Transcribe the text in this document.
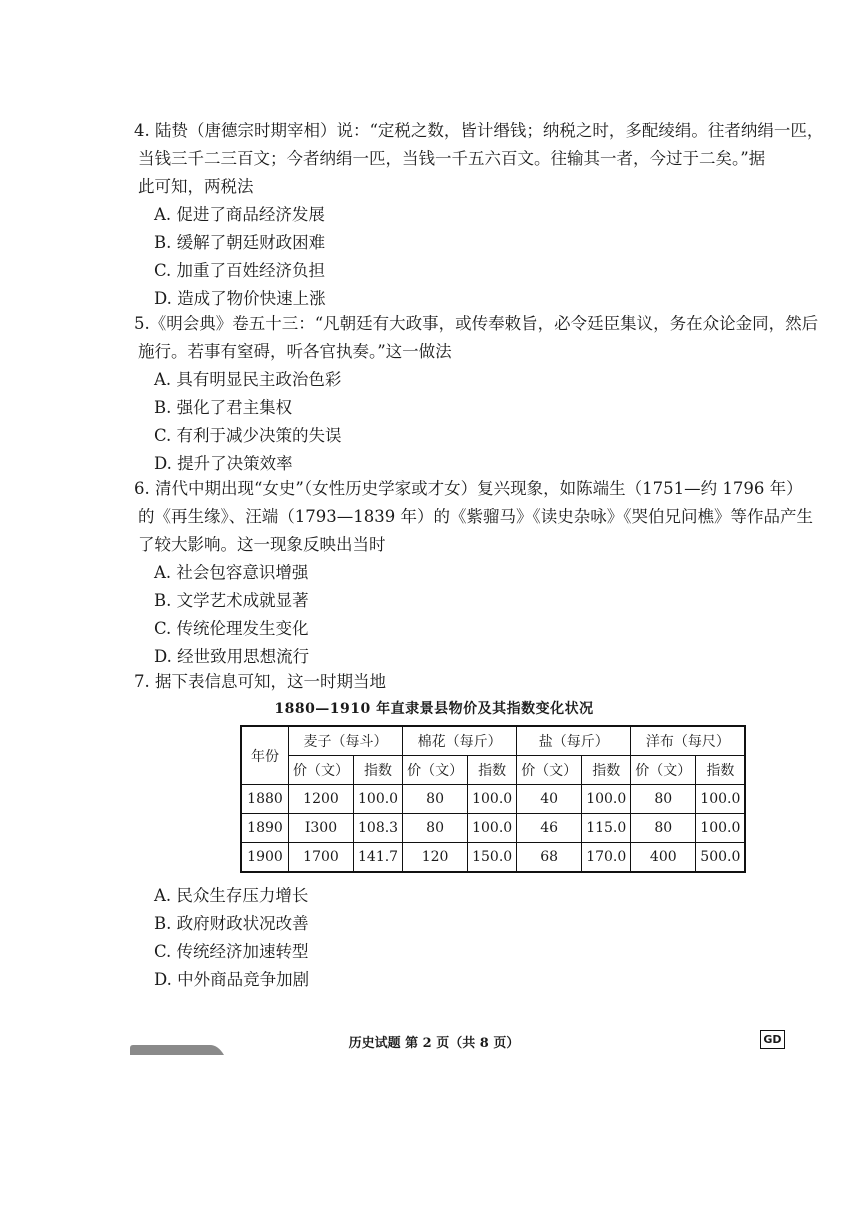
4. 陆贽（唐德宗时期宰相）说：“定税之数，皆计缗钱；纳税之时，多配绫绢。往者纳绢一匹，
当钱三千二三百文；今者纳绢一匹，当钱一千五六百文。往输其一者，今过于二矣。”据
此可知，两税法
A. 促进了商品经济发展
B. 缓解了朝廷财政困难
C. 加重了百姓经济负担
D. 造成了物价快速上涨
5.《明会典》卷五十三：“凡朝廷有大政事，或传奉敕旨，必令廷臣集议，务在众论金同，然后
施行。若事有窒碍，听各官执奏。”这一做法
A. 具有明显民主政治色彩
B. 强化了君主集权
C. 有利于减少决策的失误
D. 提升了决策效率
6. 清代中期出现“女史”（女性历史学家或才女）复兴现象，如陈端生（1751—约 1796 年）
的《再生缘》、汪端（1793—1839 年）的《紫骝马》《读史杂咏》《哭伯兄问樵》等作品产生
了较大影响。这一现象反映出当时
A. 社会包容意识增强
B. 文学艺术成就显著
C. 传统伦理发生变化
D. 经世致用思想流行
7. 据下表信息可知，这一时期当地
1880—1910 年直隶景县物价及其指数变化状况
年份	麦子（每斗）		棉花（每斤）		盐（每斤）		洋布（每尺）	
	价（文）	指数	价（文）	指数	价（文）	指数	价（文）	指数
1880	1200	100.0	80	100.0	40	100.0	80	100.0
1890	I300	108.3	80	100.0	46	115.0	80	100.0
1900	1700	141.7	120	150.0	68	170.0	400	500.0
A. 民众生存压力增长
B. 政府财政状况改善
C. 传统经济加速转型
D. 中外商品竞争加剧
历史试题 第 2 页（共 8 页）	GD
